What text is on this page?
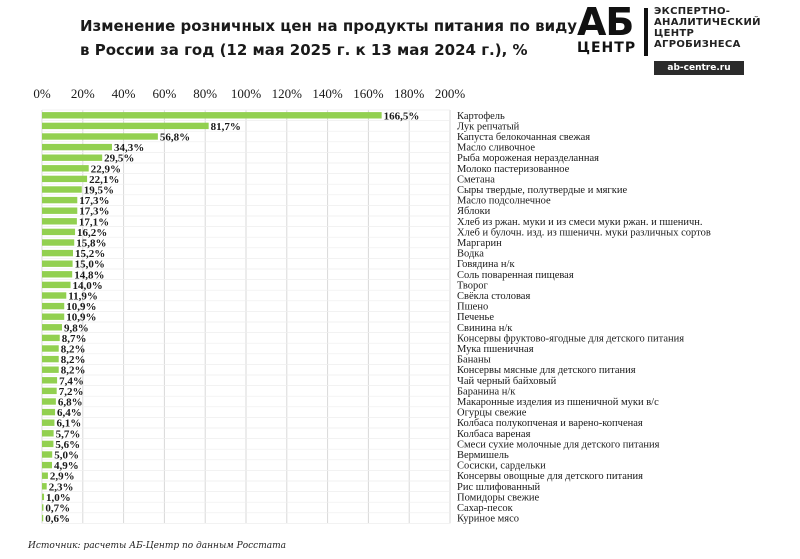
Изменение розничных цен на продукты питания по виду
в России за год (12 мая 2025 г. к 13 мая 2024 г.), %
АБ
ЦЕНТР
ЭКСПЕРТНО-
АНАЛИТИЧЕСКИЙ
ЦЕНТР
АГРОБИЗНЕСА
ab-centre.ru
0% 20% 40% 60% 80% 100% 120% 140% 160% 180% 200%
166,5%	Картофель
81,7%	Лук репчатый
56,8%	Капуста белокочанная свежая
34,3%	Масло сливочное
29,5%	Рыба мороженая неразделанная
22,9%	Молоко пастеризованное
22,1%	Сметана
19,5%	Сыры твердые, полутвердые и мягкие
17,3%	Масло подсолнечное
17,3%	Яблоки
17,1%	Хлеб из ржан. муки и из смеси муки ржан. и пшеничн.
16,2%	Хлеб и булочн. изд. из пшеничн. муки различных сортов
15,8%	Маргарин
15,2%	Водка
15,0%	Говядина н/к
14,8%	Соль поваренная пищевая
14,0%	Творог
11,9%	Свёкла столовая
10,9%	Пшено
10,9%	Печенье
9,8%	Свинина н/к
8,7%	Консервы фруктово-ягодные для детского питания
8,2%	Мука пшеничная
8,2%	Бананы
8,2%	Консервы мясные для детского питания
7,4%	Чай черный байховый
7,2%	Баранина н/к
6,8%	Макаронные изделия из пшеничной муки в/с
6,4%	Огурцы свежие
6,1%	Колбаса полукопченая и варено-копченая
5,7%	Колбаса вареная
5,6%	Смеси сухие молочные для детского питания
5,0%	Вермишель
4,9%	Сосиски, сардельки
2,9%	Консервы овощные для детского питания
2,3%	Рис шлифованный
1,0%	Помидоры свежие
0,7%	Сахар-песок
0,6%	Куриное мясо
Источник: расчеты АБ-Центр по данным Росстата
